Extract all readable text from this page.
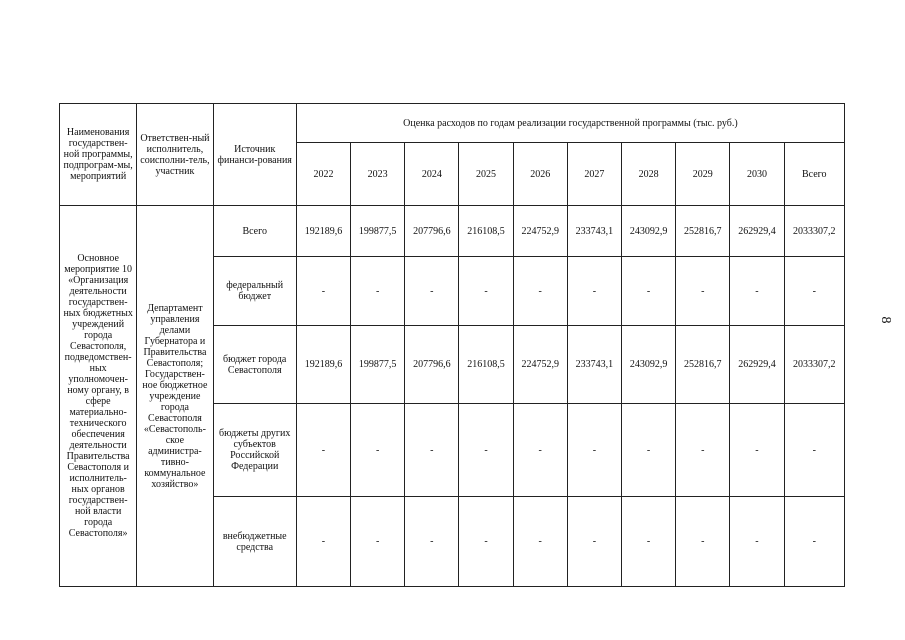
Наименования государствен-ной программы, подпрограм-мы, мероприятий	Ответствен-ный исполнитель, соисполни-тель, участник	Источник финанси-рования	Оценка расходов по годам реализации государственной программы (тыс. руб.)									
			2022	2023	2024	2025	2026	2027	2028	2029	2030	Всего
Основное мероприятие 10 «Организация деятельности государствен-ных бюджетных учреждений города Севастополя, подведомствен-ных уполномочен-ному органу, в сфере материально-технического обеспечения деятельности Правительства Севастополя и исполнитель-ных органов государствен-ной власти города Севастополя»	Департамент управления делами Губернатора и Правительства Севастополя; Государствен-ное бюджетное учреждение города Севастополя «Севастополь-ское администра-тивно-коммунальное хозяйство»	Всего	192189,6	199877,5	207796,6	216108,5	224752,9	233743,1	243092,9	252816,7	262929,4	2033307,2
		федеральный бюджет	-	-	-	-	-	-	-	-	-	-
		бюджет города Севастополя	192189,6	199877,5	207796,6	216108,5	224752,9	233743,1	243092,9	252816,7	262929,4	2033307,2
		бюджеты других субъектов Российской Федерации	-	-	-	-	-	-	-	-	-	-
		внебюджетные средства	-	-	-	-	-	-	-	-	-	-
8
